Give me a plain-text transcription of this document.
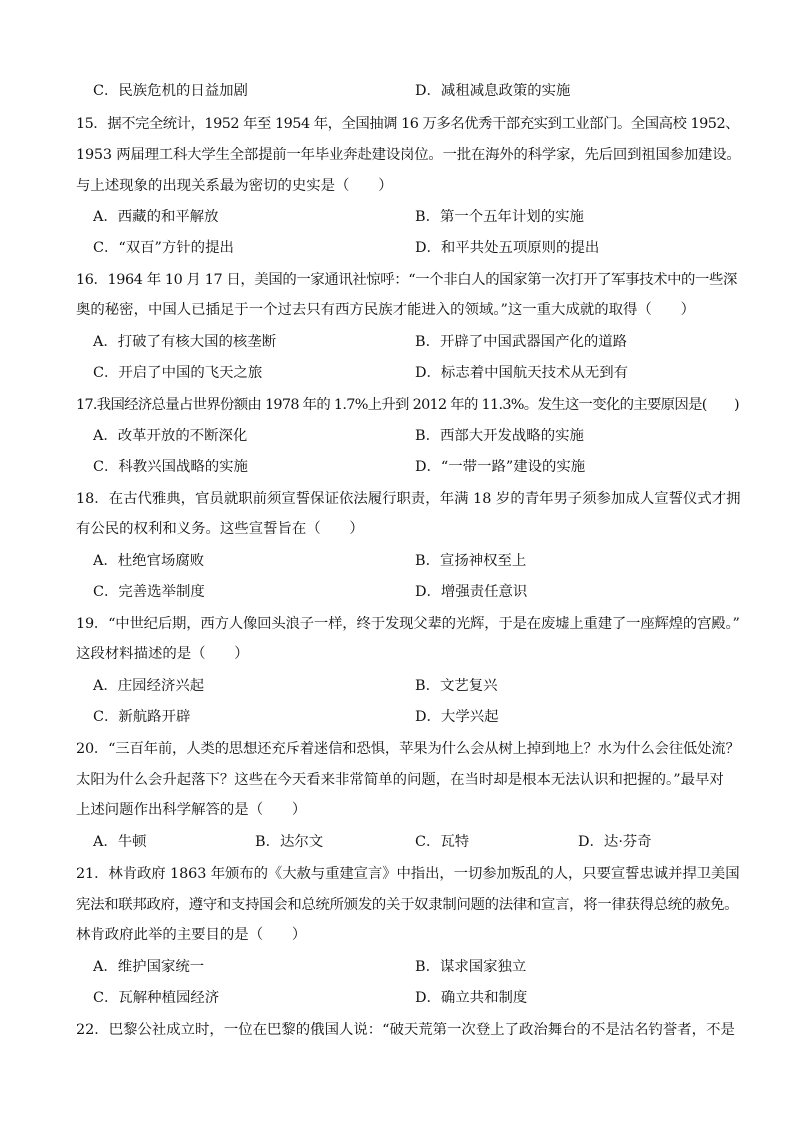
C．民族危机的日益加剧	D．减租减息政策的实施
15．据不完全统计，1952 年至 1954 年，全国抽调 16 万多名优秀干部充实到工业部门。全国高校 1952、
1953 两届理工科大学生全部提前一年毕业奔赴建设岗位。一批在海外的科学家，先后回到祖国参加建设。
与上述现象的出现关系最为密切的史实是（　　）
A．西藏的和平解放	B．第一个五年计划的实施
C．“双百”方针的提出	D．和平共处五项原则的提出
16．1964 年 10 月 17 日，美国的一家通讯社惊呼：“一个非白人的国家第一次打开了军事技术中的一些深
奥的秘密，中国人已插足于一个过去只有西方民族才能进入的领域。”这一重大成就的取得（　　）
A．打破了有核大国的核垄断	B．开辟了中国武器国产化的道路
C．开启了中国的飞天之旅	D．标志着中国航天技术从无到有
17.我国经济总量占世界份额由 1978 年的 1.7%上升到 2012 年的 11.3%。发生这一变化的主要原因是(　　)
A．改革开放的不断深化	B．西部大开发战略的实施
C．科教兴国战略的实施	D．“一带一路”建设的实施
18．在古代雅典，官员就职前须宣誓保证依法履行职责，年满 18 岁的青年男子须参加成人宣誓仪式才拥
有公民的权利和义务。这些宣誓旨在（　　）
A．杜绝官场腐败	B．宣扬神权至上
C．完善选举制度	D．增强责任意识
19．“中世纪后期，西方人像回头浪子一样，终于发现父辈的光辉，于是在废墟上重建了一座辉煌的宫殿。”
这段材料描述的是（　　）
A．庄园经济兴起	B．文艺复兴
C．新航路开辟	D．大学兴起
20．“三百年前，人类的思想还充斥着迷信和恐惧，苹果为什么会从树上掉到地上？水为什么会往低处流？
太阳为什么会升起落下？这些在今天看来非常简单的问题，在当时却是根本无法认识和把握的。”最早对
上述问题作出科学解答的是（　　）
A．牛顿	B．达尔文	C．瓦特	D．达·芬奇
21．林肯政府 1863 年颁布的《大赦与重建宣言》中指出，一切参加叛乱的人，只要宣誓忠诚并捍卫美国
宪法和联邦政府，遵守和支持国会和总统所颁发的关于奴隶制问题的法律和宣言，将一律获得总统的赦免。
林肯政府此举的主要目的是（　　）
A．维护国家统一	B．谋求国家独立
C．瓦解种植园经济	D．确立共和制度
22．巴黎公社成立时，一位在巴黎的俄国人说：“破天荒第一次登上了政治舞台的不是沽名钓誉者，不是
